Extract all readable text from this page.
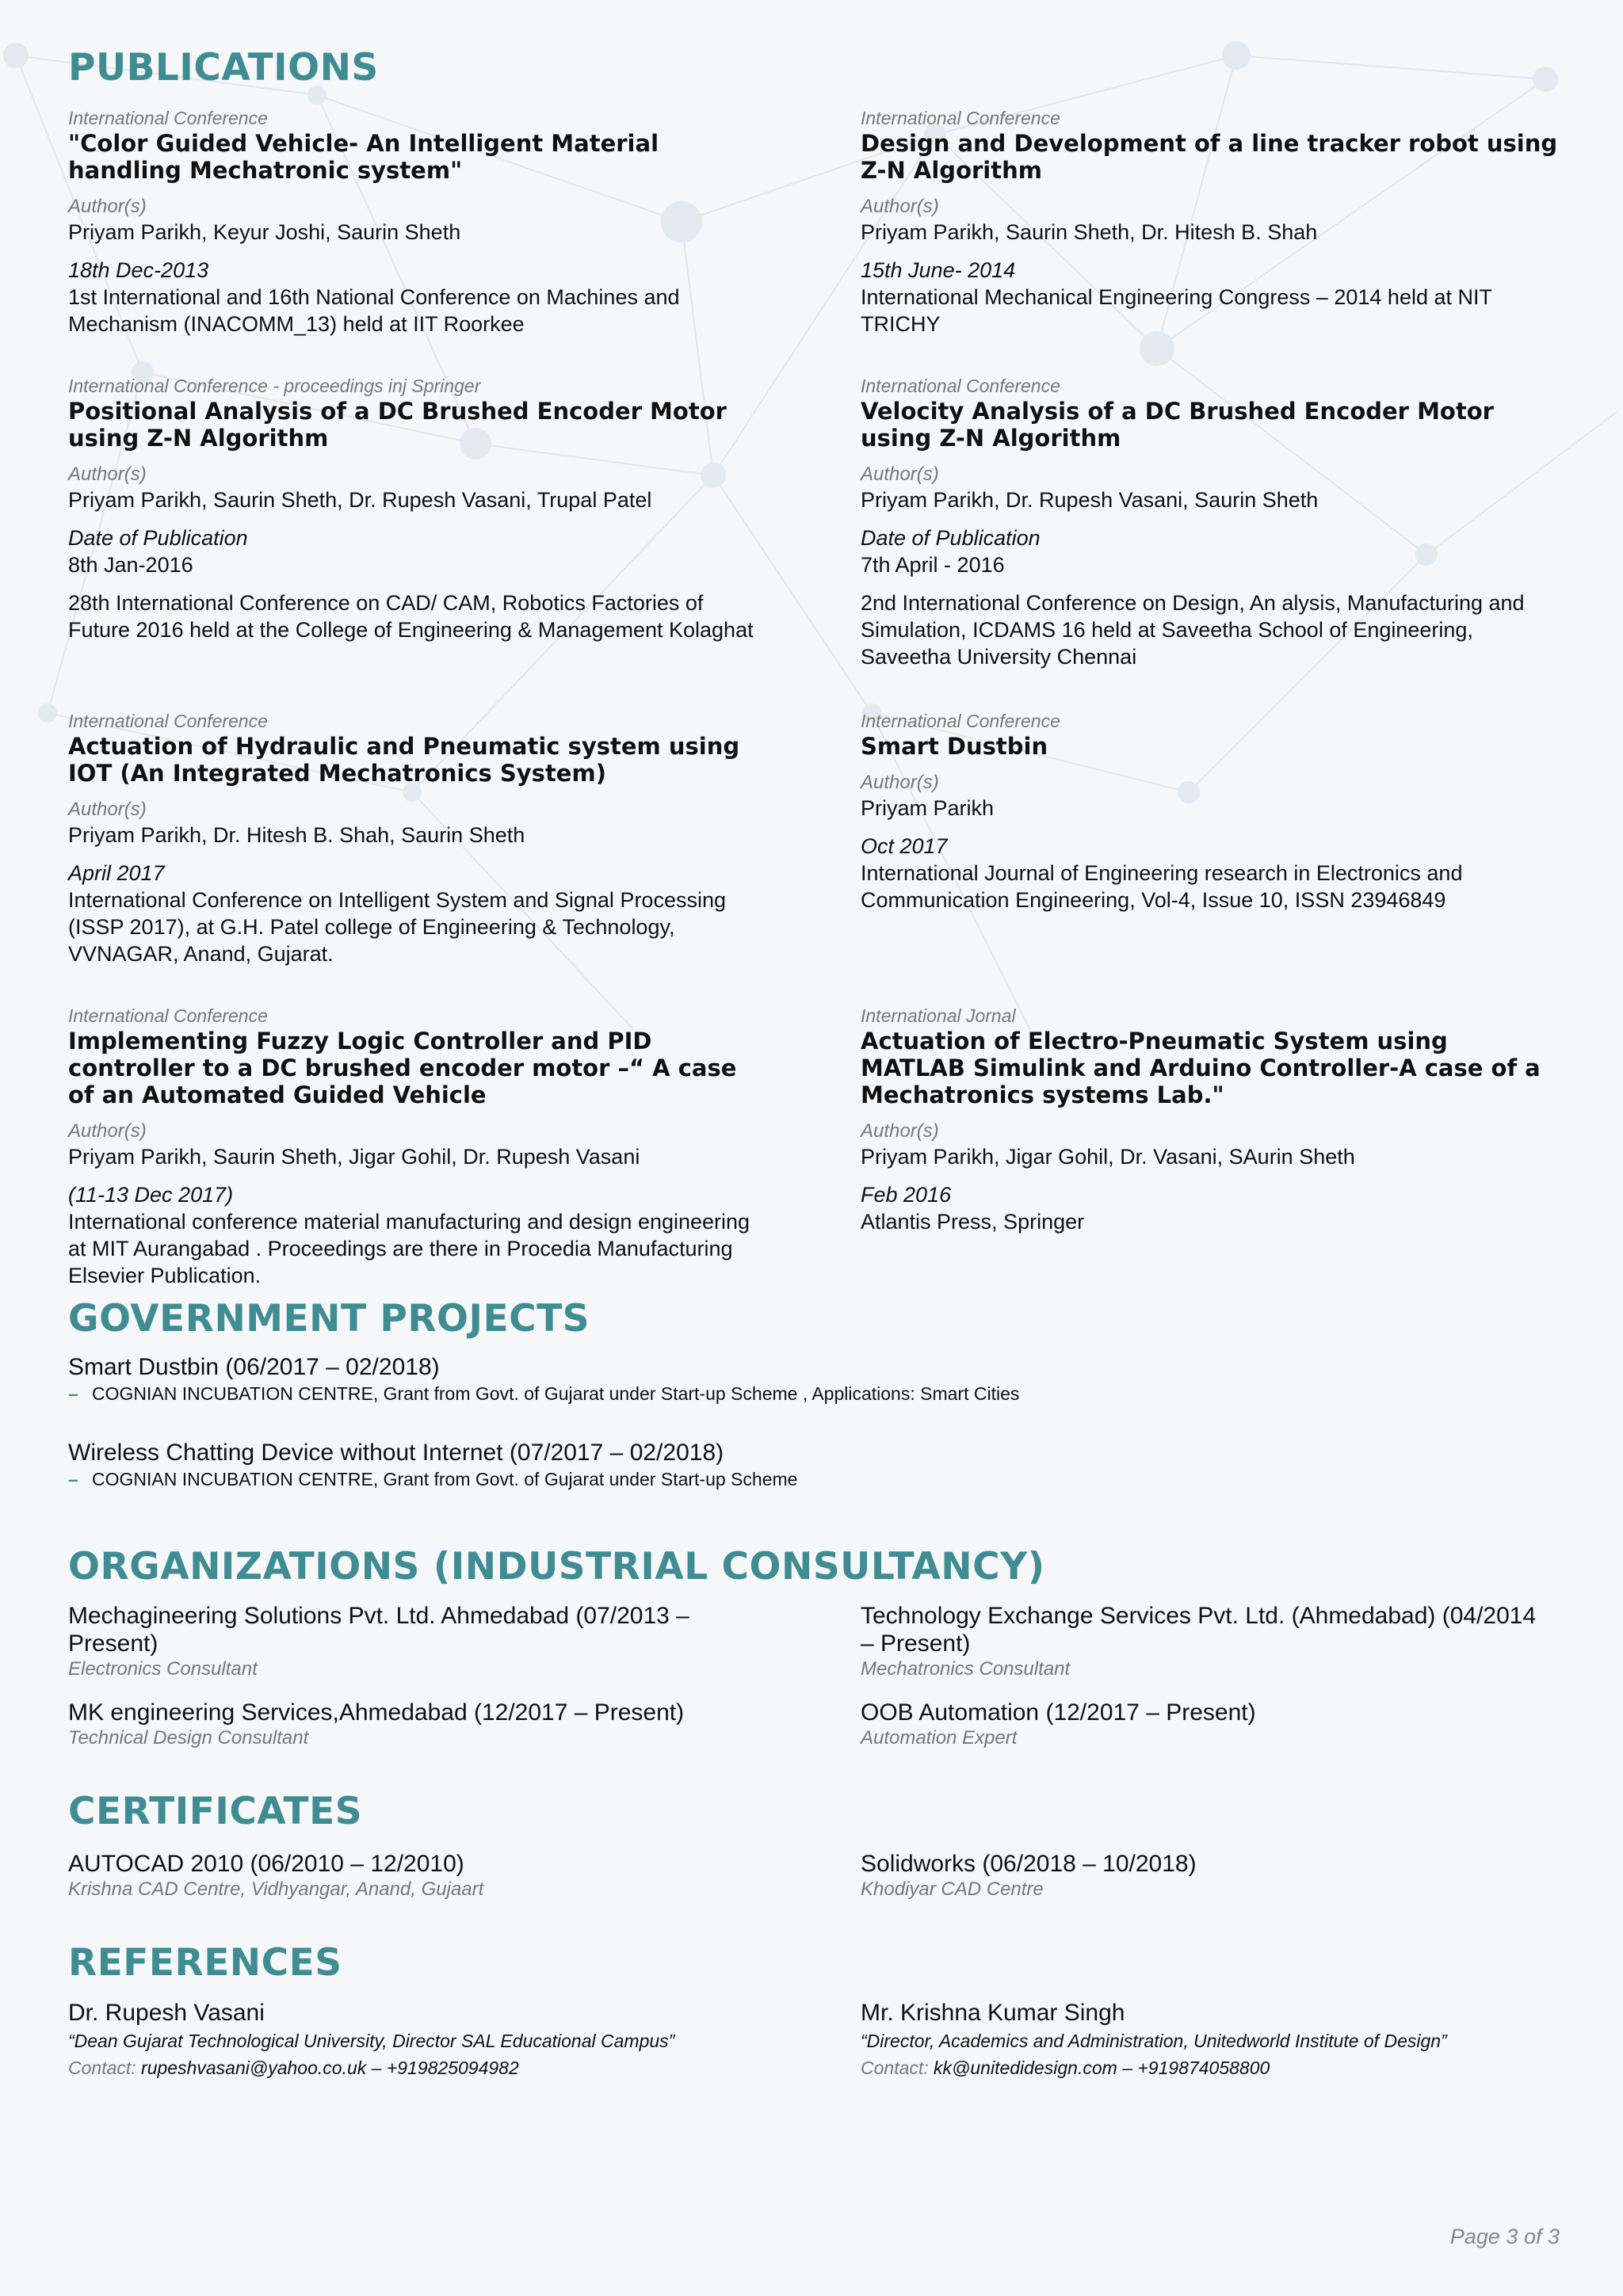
PUBLICATIONS
International Conference
"Color Guided Vehicle- An Intelligent Material handling Mechatronic system"
Author(s)
Priyam Parikh, Keyur Joshi, Saurin Sheth
18th Dec-2013
1st International and 16th National Conference on Machines and Mechanism (INACOMM_13) held at IIT Roorkee
International Conference
Design and Development of a line tracker robot using Z-N Algorithm
Author(s)
Priyam Parikh, Saurin Sheth, Dr. Hitesh B. Shah
15th June- 2014
International Mechanical Engineering Congress – 2014 held at NIT TRICHY
International Conference - proceedings inj Springer
Positional Analysis of a DC Brushed Encoder Motor using Z-N Algorithm
Author(s)
Priyam Parikh, Saurin Sheth, Dr. Rupesh Vasani, Trupal Patel
Date of Publication
8th Jan-2016
28th International Conference on CAD/ CAM, Robotics Factories of Future 2016 held at the College of Engineering & Management Kolaghat
International Conference
Velocity Analysis of a DC Brushed Encoder Motor using Z-N Algorithm
Author(s)
Priyam Parikh, Dr. Rupesh Vasani, Saurin Sheth
Date of Publication
7th April - 2016
2nd International Conference on Design, An alysis, Manufacturing and Simulation, ICDAMS 16 held at Saveetha School of Engineering, Saveetha University Chennai
International Conference
Actuation of Hydraulic and Pneumatic system using IOT (An Integrated Mechatronics System)
Author(s)
Priyam Parikh, Dr. Hitesh B. Shah, Saurin Sheth
April 2017
International Conference on Intelligent System and Signal Processing (ISSP 2017), at G.H. Patel college of Engineering & Technology, VVNAGAR, Anand, Gujarat.
International Conference
Smart Dustbin
Author(s)
Priyam Parikh
Oct 2017
International Journal of Engineering research in Electronics and Communication Engineering, Vol-4, Issue 10, ISSN 23946849
International Conference
Implementing Fuzzy Logic Controller and PID controller to a DC brushed encoder motor –“ A case of an Automated Guided Vehicle
Author(s)
Priyam Parikh, Saurin Sheth, Jigar Gohil, Dr. Rupesh Vasani
(11-13 Dec 2017)
International conference material manufacturing and design engineering at MIT Aurangabad . Proceedings are there in Procedia Manufacturing Elsevier Publication.
International Jornal
Actuation of Electro-Pneumatic System using MATLAB Simulink and Arduino Controller-A case of a Mechatronics systems Lab."
Author(s)
Priyam Parikh, Jigar Gohil, Dr. Vasani, SAurin Sheth
Feb 2016
Atlantis Press, Springer
GOVERNMENT PROJECTS
Smart Dustbin (06/2017 – 02/2018)
– COGNIAN INCUBATION CENTRE, Grant from Govt. of Gujarat under Start-up Scheme , Applications: Smart Cities
Wireless Chatting Device without Internet (07/2017 – 02/2018)
– COGNIAN INCUBATION CENTRE, Grant from Govt. of Gujarat under Start-up Scheme
ORGANIZATIONS (INDUSTRIAL CONSULTANCY)
Mechagineering Solutions Pvt. Ltd. Ahmedabad (07/2013 – Present)
Electronics Consultant
Technology Exchange Services Pvt. Ltd. (Ahmedabad) (04/2014 – Present)
Mechatronics Consultant
MK engineering Services,Ahmedabad (12/2017 – Present)
Technical Design Consultant
OOB Automation (12/2017 – Present)
Automation Expert
CERTIFICATES
AUTOCAD 2010 (06/2010 – 12/2010)
Krishna CAD Centre, Vidhyangar, Anand, Gujaart
Solidworks (06/2018 – 10/2018)
Khodiyar CAD Centre
REFERENCES
Dr. Rupesh Vasani
“Dean Gujarat Technological University, Director SAL Educational Campus”
Contact: rupeshvasani@yahoo.co.uk – +919825094982
Mr. Krishna Kumar Singh
“Director, Academics and Administration, Unitedworld Institute of Design”
Contact: kk@unitedidesign.com – +919874058800
Page 3 of 3
